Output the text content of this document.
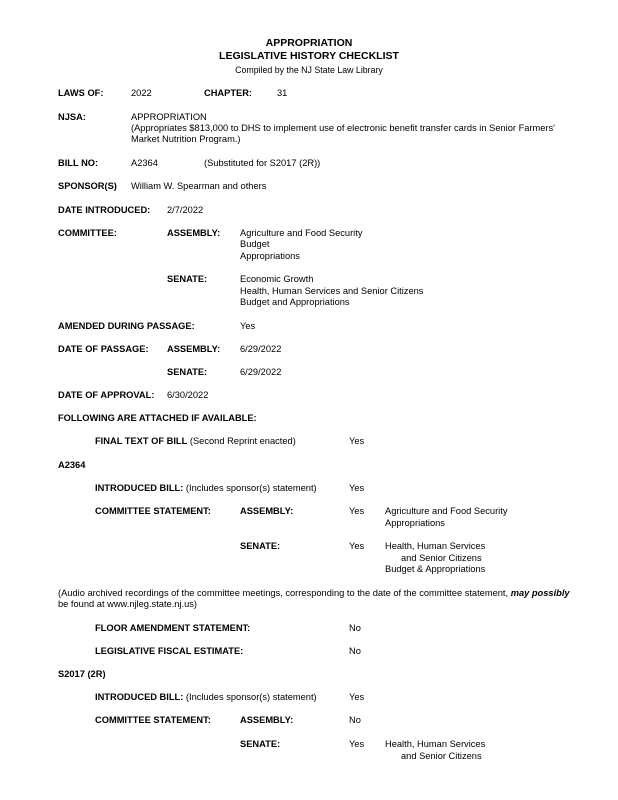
APPROPRIATION
LEGISLATIVE HISTORY CHECKLIST
Compiled by the NJ State Law Library
LAWS OF:	2022	CHAPTER:	31
NJSA:	APPROPRIATION
(Appropriates $813,000 to DHS to implement use of electronic benefit transfer cards in Senior Farmers'
Market Nutrition Program.)
BILL NO:	A2364	(Substituted for S2017 (2R))
SPONSOR(S) William W. Spearman and others
DATE INTRODUCED: 2/7/2022
COMMITTEE:	ASSEMBLY: Agriculture and Food Security
Budget
Appropriations
SENATE:	Economic Growth
Health, Human Services and Senior Citizens
Budget and Appropriations
AMENDED DURING PASSAGE:	Yes
DATE OF PASSAGE: ASSEMBLY: 6/29/2022
SENATE:	6/29/2022
DATE OF APPROVAL: 6/30/2022
FOLLOWING ARE ATTACHED IF AVAILABLE:
FINAL TEXT OF BILL (Second Reprint enacted)	Yes
A2364
INTRODUCED BILL: (Includes sponsor(s) statement)	Yes
COMMITTEE STATEMENT:	ASSEMBLY:	Yes Agriculture and Food Security
Appropriations
SENATE:	Yes Health, Human Services
and Senior Citizens
Budget & Appropriations
(Audio archived recordings of the committee meetings, corresponding to the date of the committee statement, may possibly
be found at www.njleg.state.nj.us)
FLOOR AMENDMENT STATEMENT:	No
LEGISLATIVE FISCAL ESTIMATE:	No
S2017 (2R)
INTRODUCED BILL: (Includes sponsor(s) statement)	Yes
COMMITTEE STATEMENT:	ASSEMBLY:	No
SENATE:	Yes Health, Human Services
and Senior Citizens
